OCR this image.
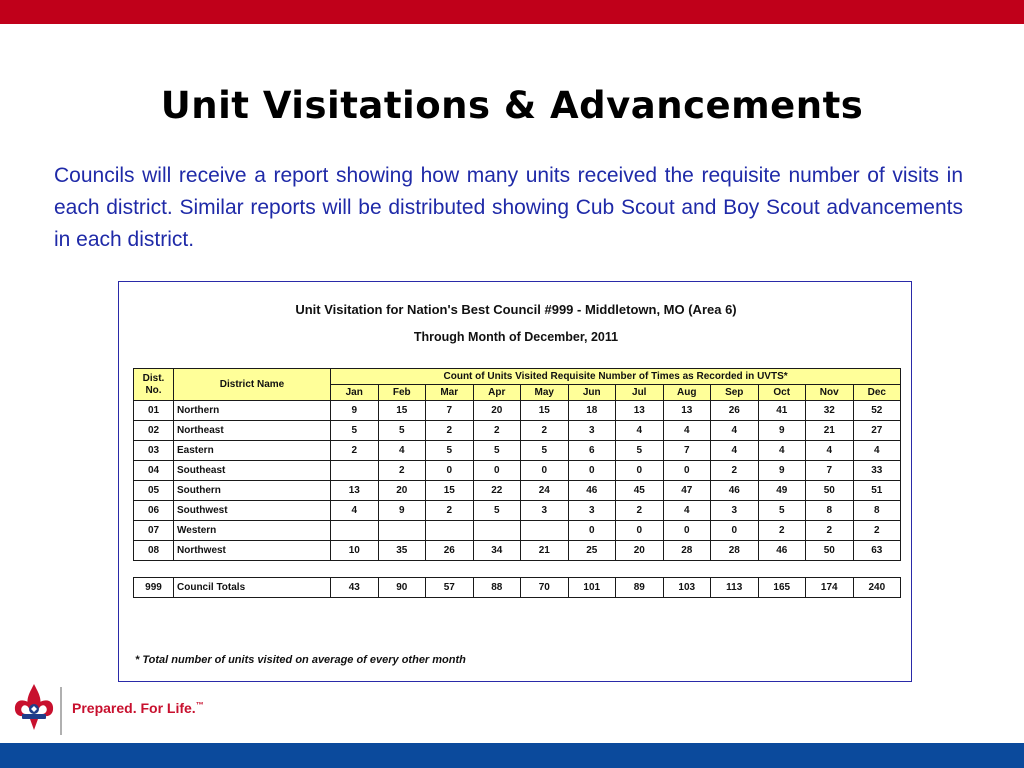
Unit Visitations & Advancements

Councils will receive a report showing how many units received the requisite number of visits in each district. Similar reports will be distributed showing Cub Scout and Boy Scout advancements in each district.

Unit Visitation for Nation's Best Council #999 - Middletown, MO (Area 6)
Through Month of December, 2011
Dist.
No.	District Name	Count of Units Visited Requisite Number of Times as Recorded in UVTS*											
		Jan	Feb	Mar	Apr	May	Jun	Jul	Aug	Sep	Oct	Nov	Dec
01	Northern	9	15	7	20	15	18	13	13	26	41	32	52
02	Northeast	5	5	2	2	2	3	4	4	4	9	21	27
03	Eastern	2	4	5	5	5	6	5	7	4	4	4	4
04	Southeast		2	0	0	0	0	0	0	2	9	7	33
05	Southern	13	20	15	22	24	46	45	47	46	49	50	51
06	Southwest	4	9	2	5	3	3	2	4	3	5	8	8
07	Western						0	0	0	0	2	2	2
08	Northwest	10	35	26	34	21	25	20	28	28	46	50	63

999	Council Totals	43	90	57	88	70	101	89	103	113	165	174	240
* Total number of units visited on average of every other month
Prepared. For Life.™
